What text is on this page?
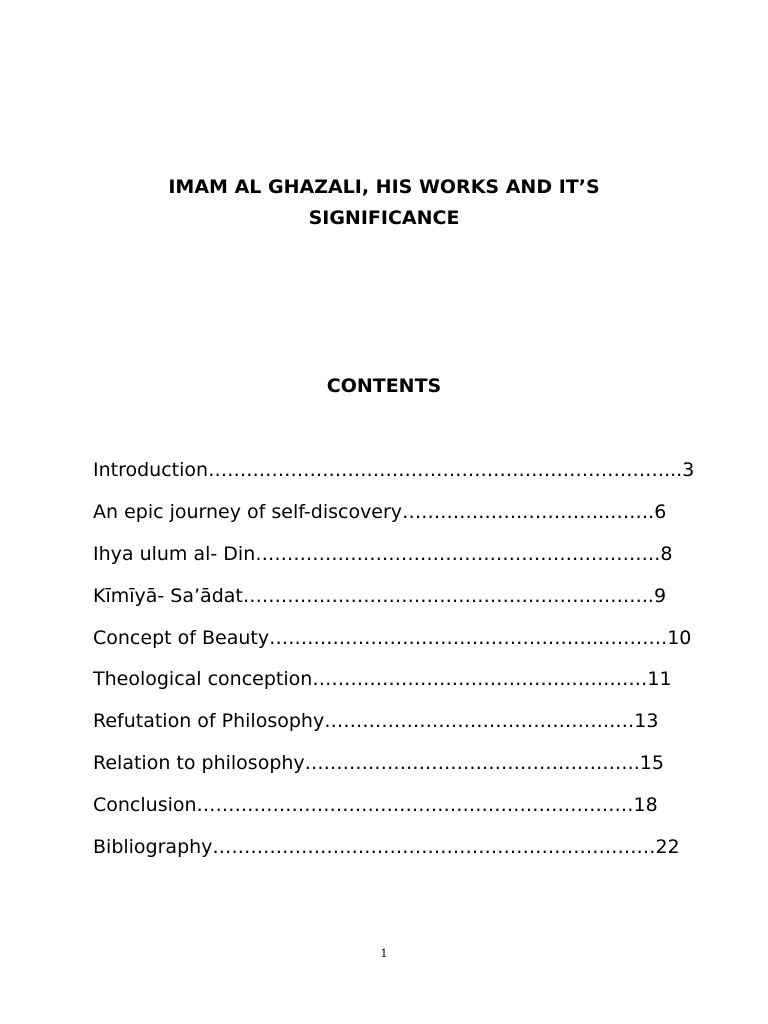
IMAM AL GHAZALI, HIS WORKS AND IT’S
SIGNIFICANCE
CONTENTS
Introduction………………………………………………………………...3
An epic journey of self-discovery……………….…………..…….6
Ihya ulum al- Din……………………………………………………….8
Kīmīyā- Sa’ādat………………………………………………………..9
Concept of Beauty……………………………………………..……….10
Theological conception…………………………………..…………11
Refutation of Philosophy……………………………………….…13
Relation to philosophy……………………………………………..15
Conclusion……………………………………………………………18
Bibliography………………….…………………………………………22
1
